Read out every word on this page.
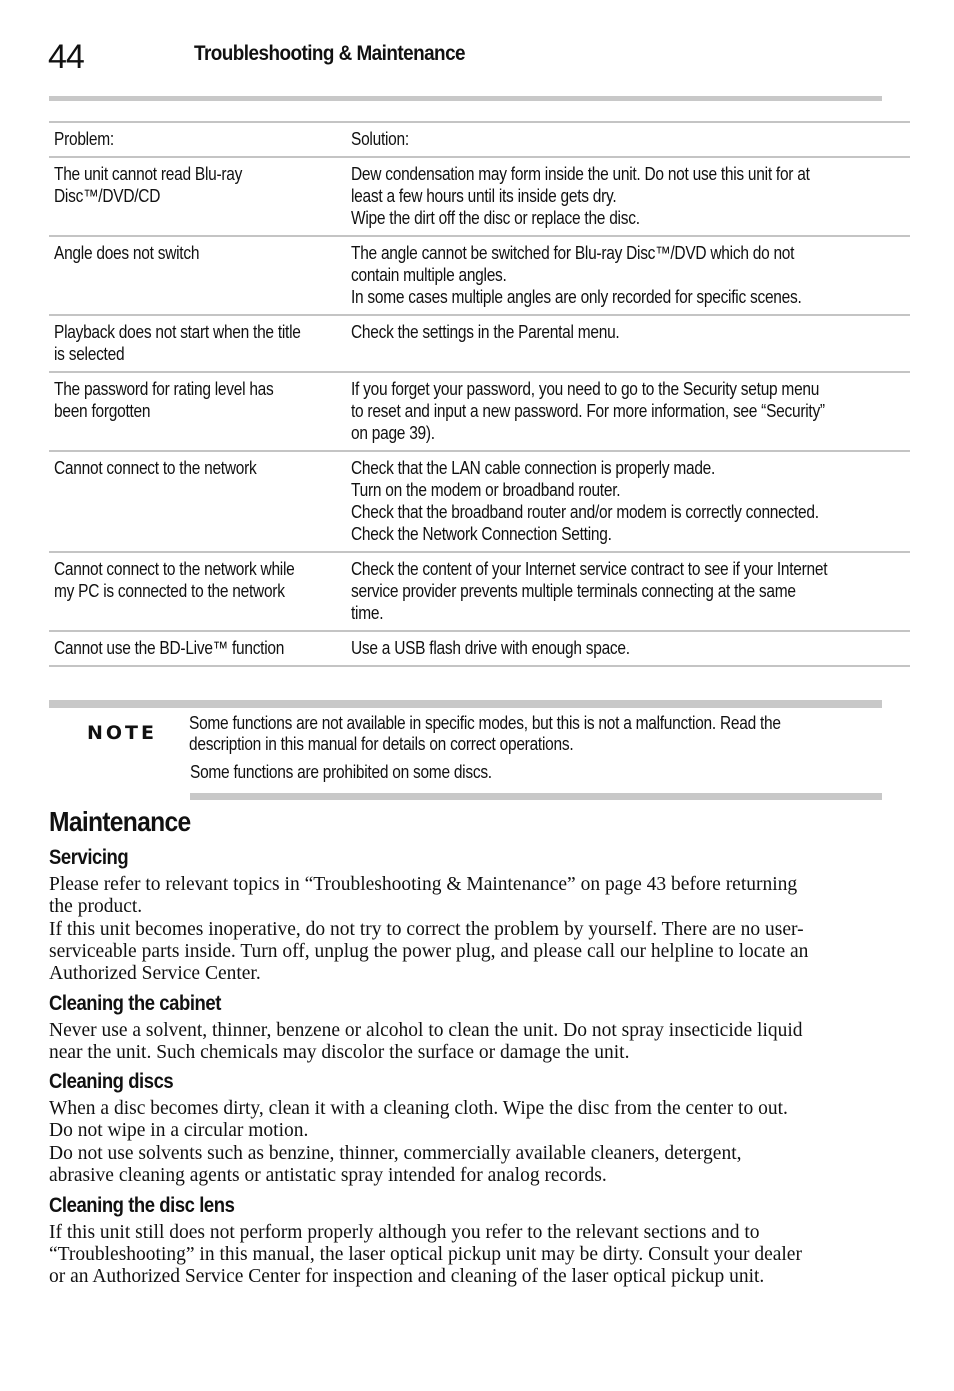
44	Troubleshooting & Maintenance
Problem:	Solution:

The unit cannot read Blu-ray
Disc™/DVD/CD	Dew condensation may form inside the unit. Do not use this unit for at
least a few hours until its inside gets dry.
Wipe the dirt off the disc or replace the disc.

Angle does not switch	The angle cannot be switched for Blu-ray Disc™/DVD which do not
contain multiple angles.
In some cases multiple angles are only recorded for specific scenes.

Playback does not start when the title
is selected	Check the settings in the Parental menu.

The password for rating level has
been forgotten	If you forget your password, you need to go to the Security setup menu
to reset and input a new password. For more information, see “Security”
on page 39).

Cannot connect to the network	Check that the LAN cable connection is properly made.
Turn on the modem or broadband router.
Check that the broadband router and/or modem is correctly connected.
Check the Network Connection Setting.

Cannot connect to the network while
my PC is connected to the network	Check the content of your Internet service contract to see if your Internet
service provider prevents multiple terminals connecting at the same
time.

Cannot use the BD-Live™ function	Use a USB flash drive with enough space.
NOTE Some functions are not available in specific modes, but this is not a malfunction. Read the
description in this manual for details on correct operations.
Some functions are prohibited on some discs.
Maintenance
Servicing
Please refer to relevant topics in “Troubleshooting & Maintenance” on page 43 before returning
the product.
If this unit becomes inoperative, do not try to correct the problem by yourself. There are no user-
serviceable parts inside. Turn off, unplug the power plug, and please call our helpline to locate an
Authorized Service Center.
Cleaning the cabinet
Never use a solvent, thinner, benzene or alcohol to clean the unit. Do not spray insecticide liquid
near the unit. Such chemicals may discolor the surface or damage the unit.
Cleaning discs
When a disc becomes dirty, clean it with a cleaning cloth. Wipe the disc from the center to out.
Do not wipe in a circular motion.
Do not use solvents such as benzine, thinner, commercially available cleaners, detergent,
abrasive cleaning agents or antistatic spray intended for analog records.
Cleaning the disc lens
If this unit still does not perform properly although you refer to the relevant sections and to
“Troubleshooting” in this manual, the laser optical pickup unit may be dirty. Consult your dealer
or an Authorized Service Center for inspection and cleaning of the laser optical pickup unit.
